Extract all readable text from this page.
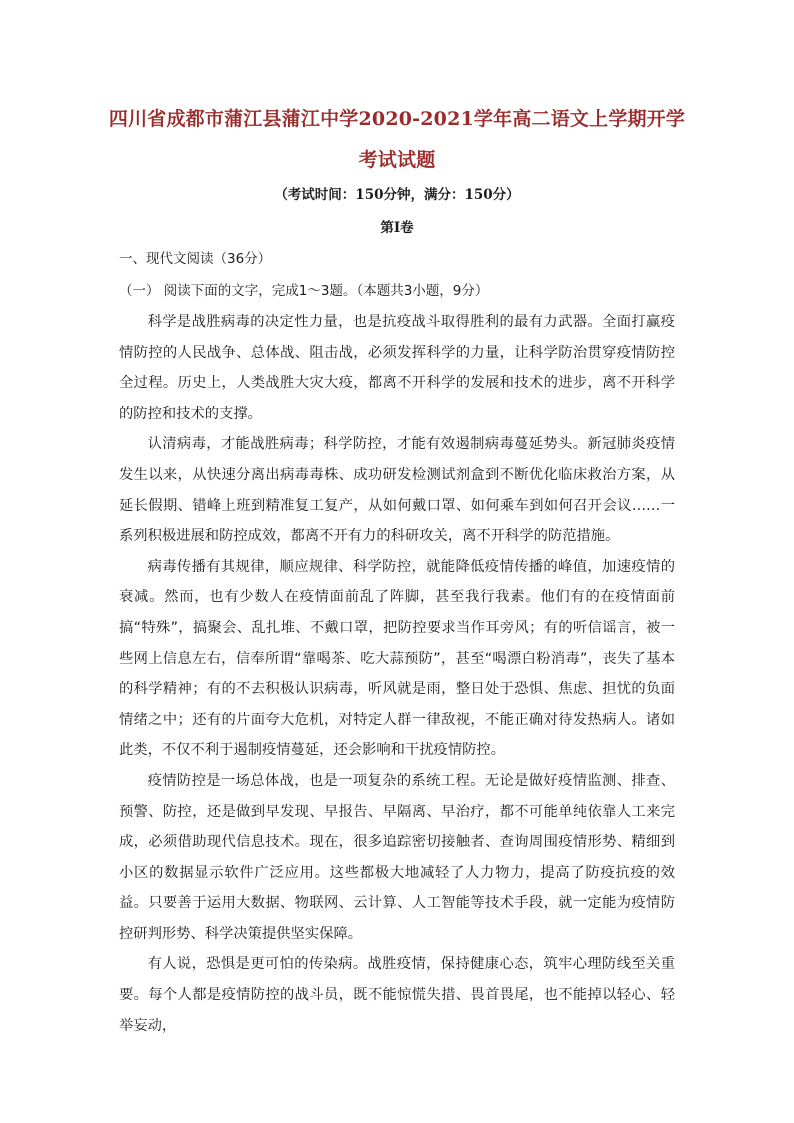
四川省成都市蒲江县蒲江中学2020-2021学年高二语文上学期开学
考试试题
（考试时间：150分钟，满分：150分）
第Ⅰ卷
一、现代文阅读（36分）
（一） 阅读下面的文字，完成1～3题。（本题共3小题，9分）

科学是战胜病毒的决定性力量，也是抗疫战斗取得胜利的最有力武器。全面打赢疫情防控的人民战争、总体战、阻击战，必须发挥科学的力量，让科学防治贯穿疫情防控全过程。历史上，人类战胜大灾大疫，都离不开科学的发展和技术的进步，离不开科学的防控和技术的支撑。

认清病毒，才能战胜病毒；科学防控，才能有效遏制病毒蔓延势头。新冠肺炎疫情发生以来，从快速分离出病毒毒株、成功研发检测试剂盒到不断优化临床救治方案，从延长假期、错峰上班到精准复工复产，从如何戴口罩、如何乘车到如何召开会议……一系列积极进展和防控成效，都离不开有力的科研攻关，离不开科学的防范措施。

病毒传播有其规律，顺应规律、科学防控，就能降低疫情传播的峰值，加速疫情的衰减。然而，也有少数人在疫情面前乱了阵脚，甚至我行我素。他们有的在疫情面前搞“特殊”，搞聚会、乱扎堆、不戴口罩，把防控要求当作耳旁风；有的听信谣言，被一些网上信息左右，信奉所谓“靠喝茶、吃大蒜预防”，甚至“喝漂白粉消毒”，丧失了基本的科学精神；有的不去积极认识病毒，听风就是雨，整日处于恐惧、焦虑、担忧的负面情绪之中；还有的片面夸大危机，对特定人群一律敌视，不能正确对待发热病人。诸如此类，不仅不利于遏制疫情蔓延，还会影响和干扰疫情防控。

疫情防控是一场总体战，也是一项复杂的系统工程。无论是做好疫情监测、排查、预警、防控，还是做到早发现、早报告、早隔离、早治疗，都不可能单纯依靠人工来完成，必须借助现代信息技术。现在，很多追踪密切接触者、查询周围疫情形势、精细到小区的数据显示软件广泛应用。这些都极大地减轻了人力物力，提高了防疫抗疫的效益。只要善于运用大数据、物联网、云计算、人工智能等技术手段，就一定能为疫情防控研判形势、科学决策提供坚实保障。

有人说，恐惧是更可怕的传染病。战胜疫情，保持健康心态，筑牢心理防线至关重要。每个人都是疫情防控的战斗员，既不能惊慌失措、畏首畏尾，也不能掉以轻心、轻举妄动，
